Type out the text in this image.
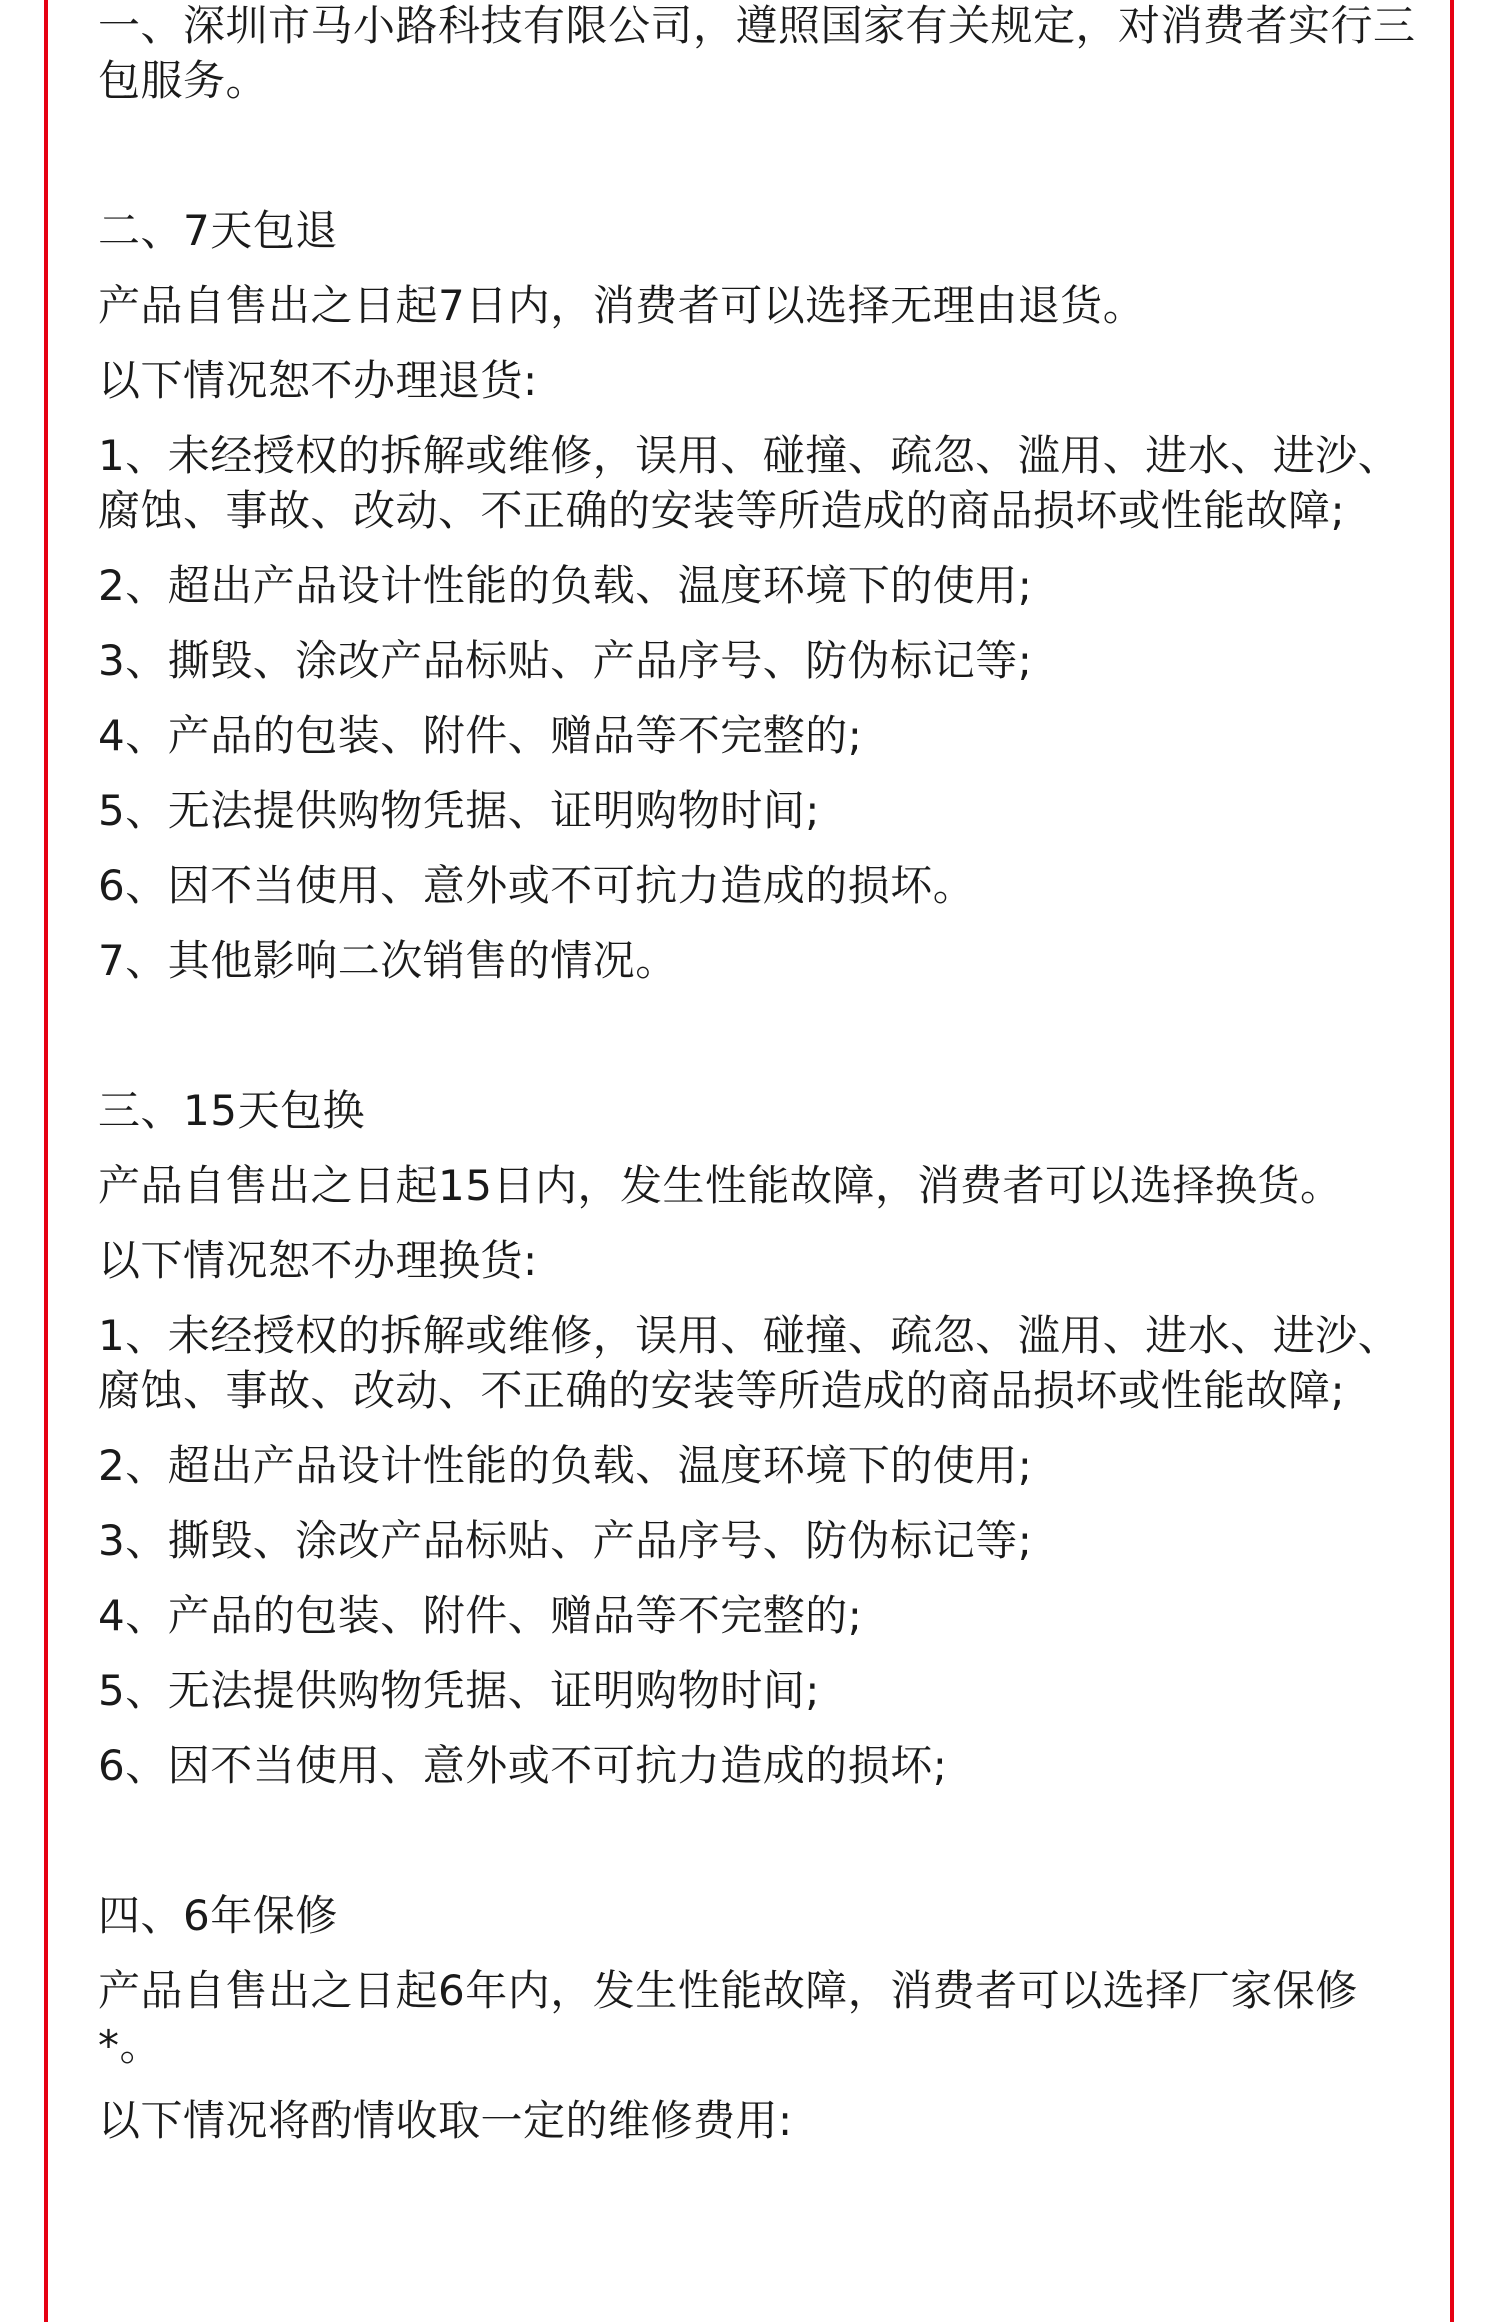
一、深圳市马小路科技有限公司，遵照国家有关规定，对消费者实行三包服务。
二、7天包退
产品自售出之日起7日内，消费者可以选择无理由退货。
以下情况恕不办理退货:
1、未经授权的拆解或维修，误用、碰撞、疏忽、滥用、进水、进沙、腐蚀、事故、改动、不正确的安装等所造成的商品损坏或性能故障;
2、超出产品设计性能的负载、温度环境下的使用;
3、撕毁、涂改产品标贴、产品序号、防伪标记等;
4、产品的包装、附件、赠品等不完整的;
5、无法提供购物凭据、证明购物时间;
6、因不当使用、意外或不可抗力造成的损坏。
7、其他影响二次销售的情况。
三、15天包换
产品自售出之日起15日内，发生性能故障，消费者可以选择换货。
以下情况恕不办理换货:
1、未经授权的拆解或维修，误用、碰撞、疏忽、滥用、进水、进沙、腐蚀、事故、改动、不正确的安装等所造成的商品损坏或性能故障;
2、超出产品设计性能的负载、温度环境下的使用;
3、撕毁、涂改产品标贴、产品序号、防伪标记等;
4、产品的包装、附件、赠品等不完整的;
5、无法提供购物凭据、证明购物时间;
6、因不当使用、意外或不可抗力造成的损坏;
四、6年保修
产品自售出之日起6年内，发生性能故障，消费者可以选择厂家保修*。
以下情况将酌情收取一定的维修费用:
